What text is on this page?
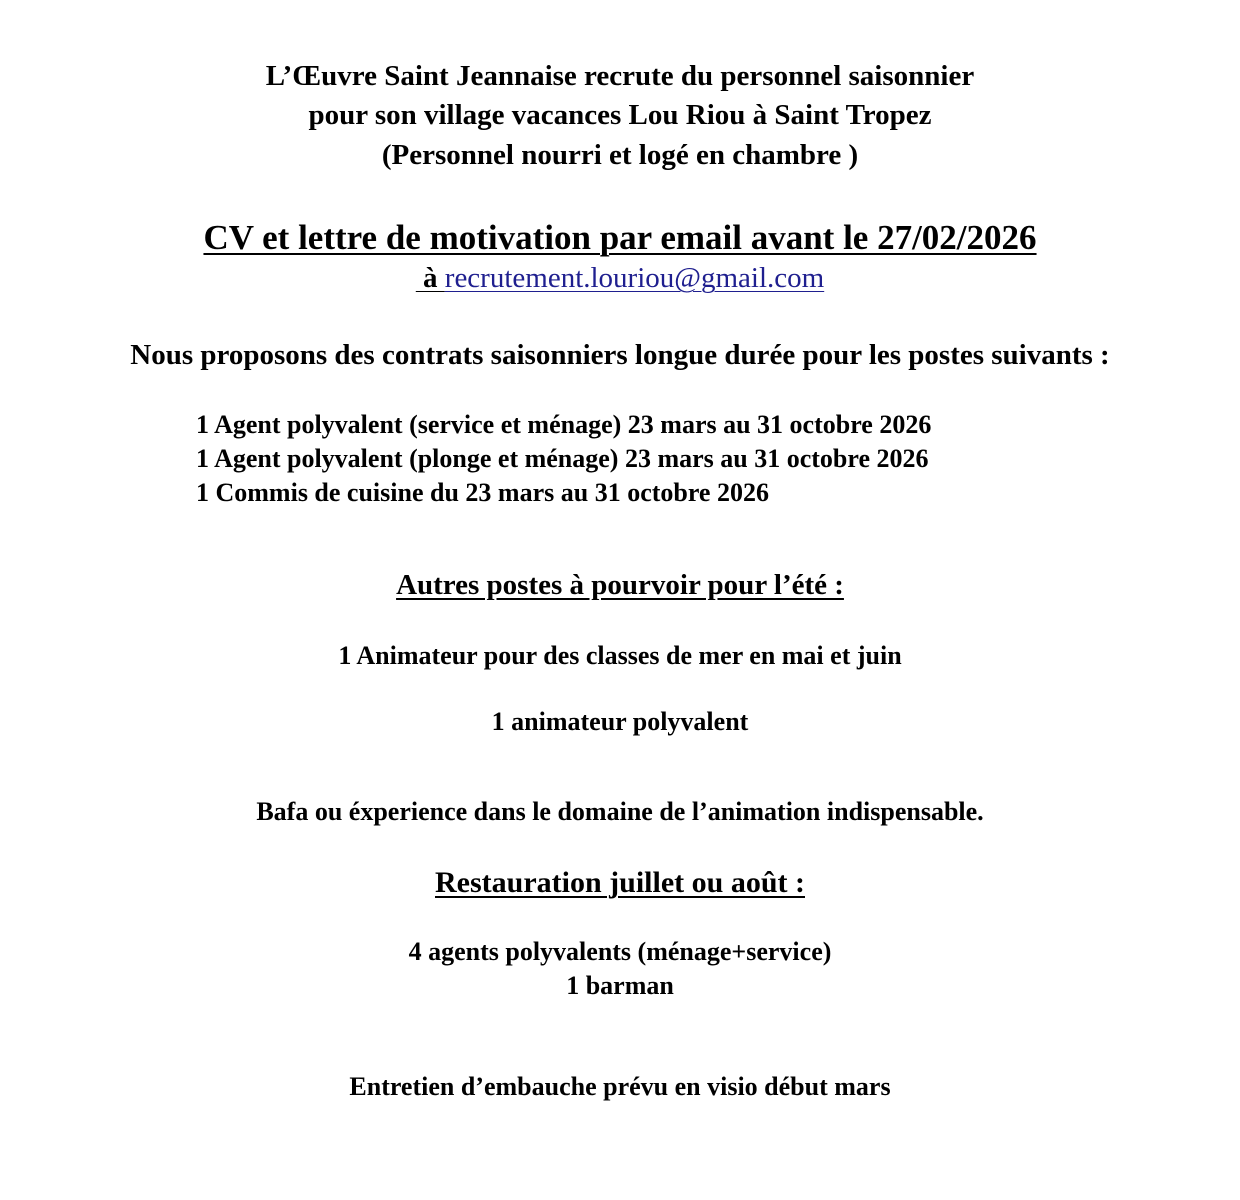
L’Œuvre Saint Jeannaise recrute du personnel saisonnier
pour son village vacances Lou Riou à Saint Tropez
(Personnel nourri et logé en chambre )
CV et lettre de motivation par email avant le 27/02/2026
à recrutement.louriou@gmail.com
Nous proposons des contrats saisonniers longue durée pour les postes suivants :
1 Agent polyvalent (service et ménage) 23 mars au 31 octobre 2026
1 Agent polyvalent (plonge et ménage) 23 mars au 31 octobre 2026
1 Commis de cuisine du 23 mars au 31 octobre 2026
Autres postes à pourvoir pour l’été :
1 Animateur pour des classes de mer en mai et juin
1 animateur polyvalent
Bafa ou éxperience dans le domaine de l’animation indispensable.
Restauration juillet ou août :
4 agents polyvalents (ménage+service)
1 barman
Entretien d’embauche prévu en visio début mars
